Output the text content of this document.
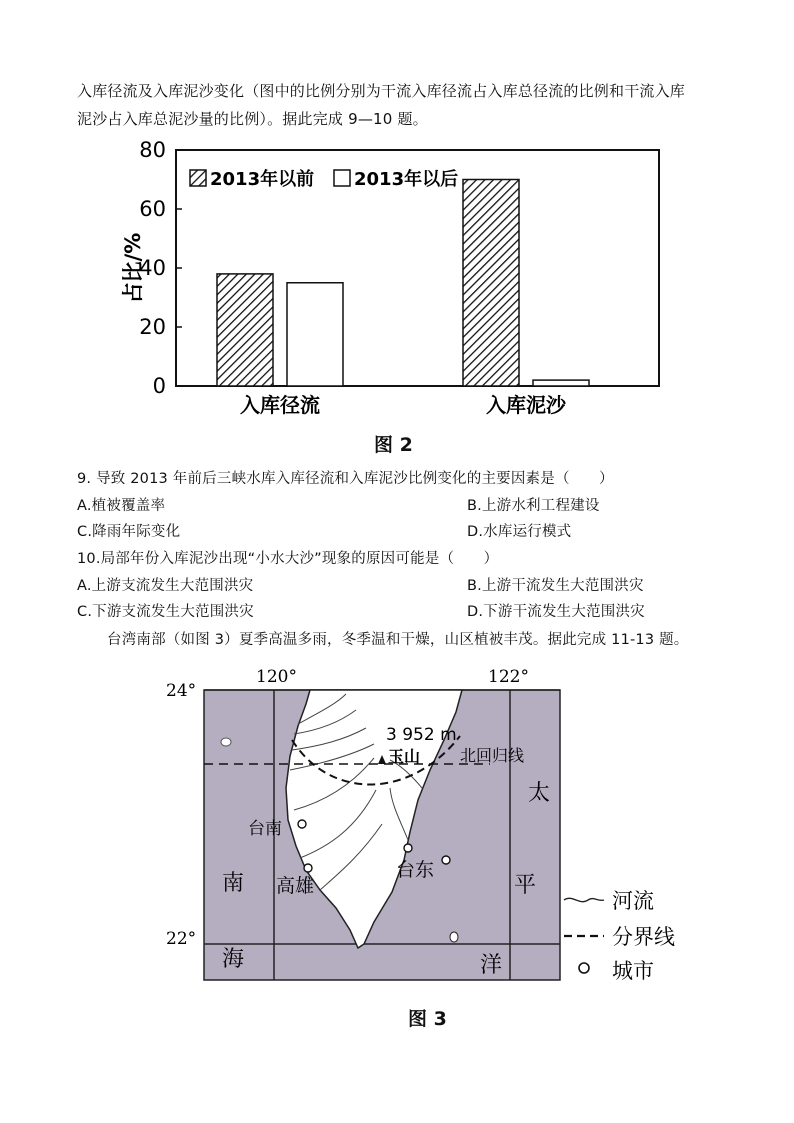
入库径流及入库泥沙变化（图中的比例分别为干流入库径流占入库总径流的比例和干流入库
泥沙占入库总泥沙量的比例）。据此完成 9—10 题。
0
20
40
60
80
入库径流	入库泥沙
占比/%
2013年以前 2013年以后
图 2
9. 导致 2013 年前后三峡水库入库径流和入库泥沙比例变化的主要因素是（　　）
A.植被覆盖率	B.上游水利工程建设
C.降雨年际变化	D.水库运行模式
10.局部年份入库泥沙出现“小水大沙”现象的原因可能是（　　）
A.上游支流发生大范围洪灾	B.上游干流发生大范围洪灾
C.下游支流发生大范围洪灾	D.下游干流发生大范围洪灾
台湾南部（如图 3）夏季高温多雨，冬季温和干燥，山区植被丰茂。据此完成 11-13 题。
3 952 m
玉山 北回归线
台南
高雄
台东
南
海
太
平
洋
120°	122°
24°
22°
河流
分界线
城市
图 3
